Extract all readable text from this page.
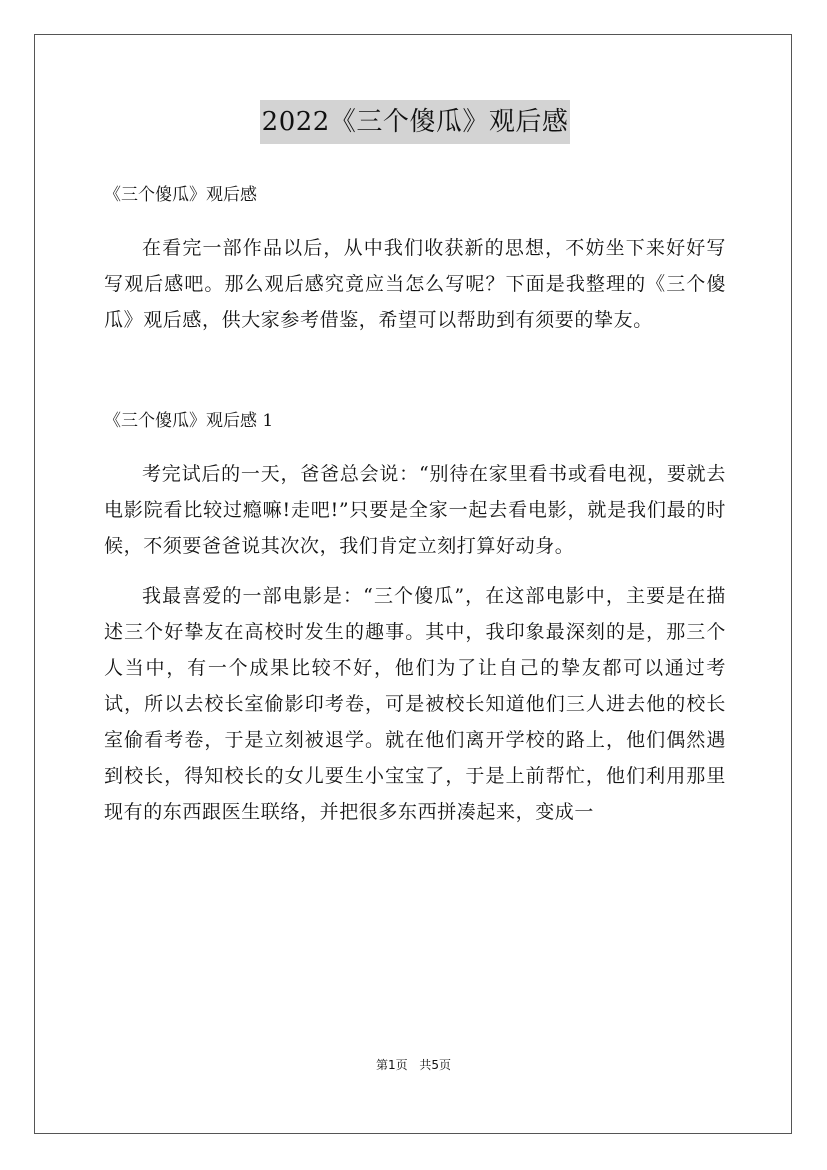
2022《三个傻瓜》观后感

《三个傻瓜》观后感

在看完一部作品以后，从中我们收获新的思想，不妨坐下来好好写写观后感吧。那么观后感究竟应当怎么写呢？下面是我整理的《三个傻瓜》观后感，供大家参考借鉴，希望可以帮助到有须要的挚友。

《三个傻瓜》观后感 1

考完试后的一天，爸爸总会说：“别待在家里看书或看电视，要就去电影院看比较过瘾嘛!走吧!”只要是全家一起去看电影，就是我们最的时候，不须要爸爸说其次次，我们肯定立刻打算好动身。

我最喜爱的一部电影是：“三个傻瓜”，在这部电影中，主要是在描述三个好挚友在高校时发生的趣事。其中，我印象最深刻的是，那三个人当中，有一个成果比较不好，他们为了让自己的挚友都可以通过考试，所以去校长室偷影印考卷，可是被校长知道他们三人进去他的校长室偷看考卷，于是立刻被退学。就在他们离开学校的路上，他们偶然遇到校长，得知校长的女儿要生小宝宝了，于是上前帮忙，他们利用那里现有的东西跟医生联络，并把很多东西拼凑起来，变成一

第1页 共5页
